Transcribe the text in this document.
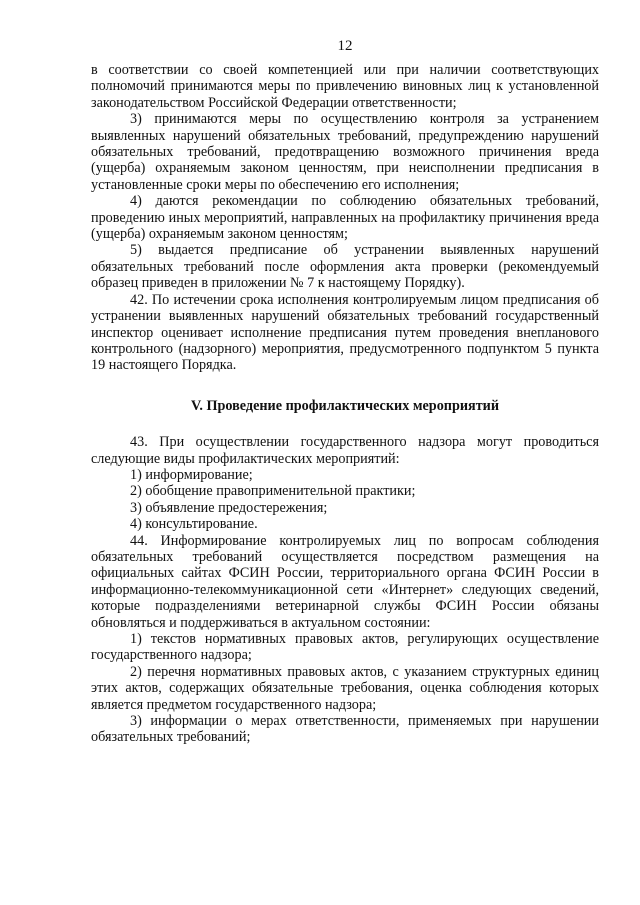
12

в соответствии со своей компетенцией или при наличии соответствующих полномочий принимаются меры по привлечению виновных лиц к установленной законодательством Российской Федерации ответственности;

3) принимаются меры по осуществлению контроля за устранением выявленных нарушений обязательных требований, предупреждению нарушений обязательных требований, предотвращению возможного причинения вреда (ущерба) охраняемым законом ценностям, при неисполнении предписания в установленные сроки меры по обеспечению его исполнения;

4) даются рекомендации по соблюдению обязательных требований, проведению иных мероприятий, направленных на профилактику причинения вреда (ущерба) охраняемым законом ценностям;

5) выдается предписание об устранении выявленных нарушений обязательных требований после оформления акта проверки (рекомендуемый образец приведен в приложении № 7 к настоящему Порядку).

42. По истечении срока исполнения контролируемым лицом предписания об устранении выявленных нарушений обязательных требований государственный инспектор оценивает исполнение предписания путем проведения внепланового контрольного (надзорного) мероприятия, предусмотренного подпунктом 5 пункта 19 настоящего Порядка.

V. Проведение профилактических мероприятий

43. При осуществлении государственного надзора могут проводиться следующие виды профилактических мероприятий:

1) информирование;

2) обобщение правоприменительной практики;

3) объявление предостережения;

4) консультирование.

44. Информирование контролируемых лиц по вопросам соблюдения обязательных требований осуществляется посредством размещения на официальных сайтах ФСИН России, территориального органа ФСИН России в информационно-телекоммуникационной сети «Интернет» следующих сведений, которые подразделениями ветеринарной службы ФСИН России обязаны обновляться и поддерживаться в актуальном состоянии:

1) текстов нормативных правовых актов, регулирующих осуществление государственного надзора;

2) перечня нормативных правовых актов, с указанием структурных единиц этих актов, содержащих обязательные требования, оценка соблюдения которых является предметом государственного надзора;

3) информации о мерах ответственности, применяемых при нарушении обязательных требований;
